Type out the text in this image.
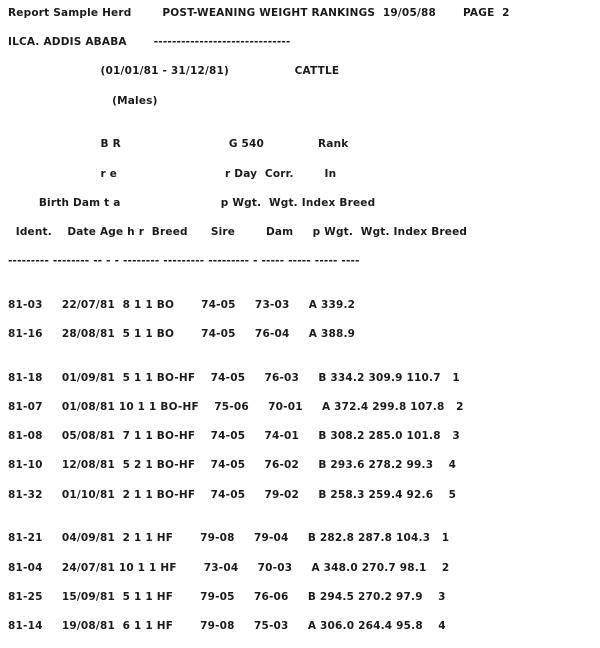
Report Sample Herd	POST-WEANING WEIGHT RANKINGS 19/05/88	PAGE 2

ILCA. ADDIS ABABA	------------------------------

(01/01/81 - 31/12/81)	CATTLE

(Males)

B R                            G 540              Rank

r e                            r Day  Corr.        In

Birth Dam t a                          p Wgt.  Wgt. Index Breed

Ident.    Date Age h r  Breed      Sire        Dam     p Wgt.  Wgt. Index Breed

--------- -------- -- - - -------- --------- --------- - ----- ----- ----- ----

81-03     22/07/81  8 1 1 BO       74-05     73-03     A 339.2

81-16     28/08/81  5 1 1 BO       74-05     76-04     A 388.9

81-18     01/09/81  5 1 1 BO-HF    74-05     76-03     B 334.2 309.9 110.7   1

81-07     01/08/81 10 1 1 BO-HF    75-06     70-01     A 372.4 299.8 107.8   2

81-08     05/08/81  7 1 1 BO-HF    74-05     74-01     B 308.2 285.0 101.8   3

81-10     12/08/81  5 2 1 BO-HF    74-05     76-02     B 293.6 278.2 99.3    4

81-32     01/10/81  2 1 1 BO-HF    74-05     79-02     B 258.3 259.4 92.6    5

81-21     04/09/81  2 1 1 HF       79-08     79-04     B 282.8 287.8 104.3   1

81-04     24/07/81 10 1 1 HF       73-04     70-03     A 348.0 270.7 98.1    2

81-25     15/09/81  5 1 1 HF       79-05     76-06     B 294.5 270.2 97.9    3

81-14     19/08/81  6 1 1 HF       79-08     75-03     A 306.0 264.4 95.8    4
